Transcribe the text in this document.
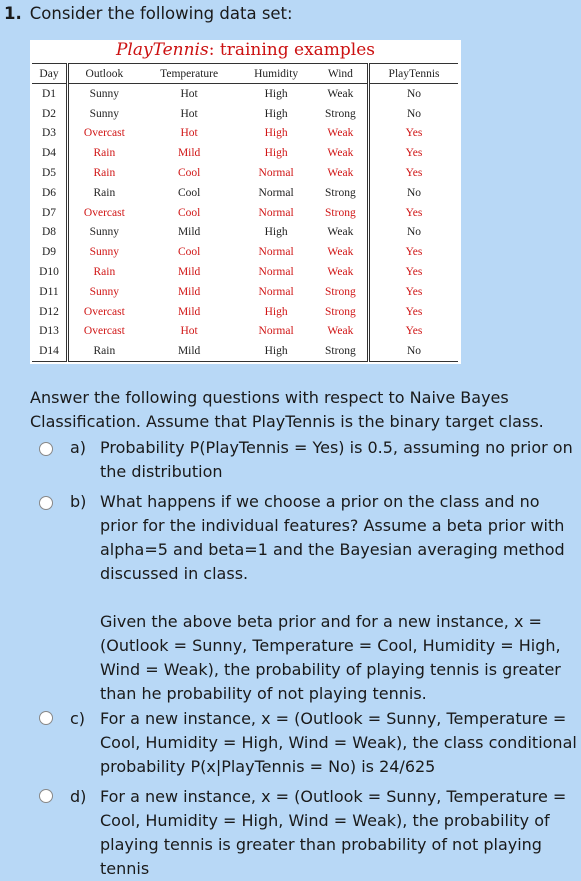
1. Consider the following data set:
PlayTennis: training examples
Day	Outlook	Temperature	Humidity	Wind	PlayTennis
D1	Sunny	Hot	High	Weak	No
D2	Sunny	Hot	High	Strong	No
D3	Overcast	Hot	High	Weak	Yes
D4	Rain	Mild	High	Weak	Yes
D5	Rain	Cool	Normal	Weak	Yes
D6	Rain	Cool	Normal	Strong	No
D7	Overcast	Cool	Normal	Strong	Yes
D8	Sunny	Mild	High	Weak	No
D9	Sunny	Cool	Normal	Weak	Yes
D10	Rain	Mild	Normal	Weak	Yes
D11	Sunny	Mild	Normal	Strong	Yes
D12	Overcast	Mild	High	Strong	Yes
D13	Overcast	Hot	Normal	Weak	Yes
D14	Rain	Mild	High	Strong	No
Answer the following questions with respect to Naive Bayes Classification. Assume that PlayTennis is the binary target class.
a) Probability P(PlayTennis = Yes) is 0.5, assuming no prior on the distribution

b) What happens if we choose a prior on the class and no prior for the individual features? Assume a beta prior with alpha=5 and beta=1 and the Bayesian averaging method discussed in class.

Given the above beta prior and for a new instance, x = (Outlook = Sunny, Temperature = Cool, Humidity = High, Wind = Weak), the probability of playing tennis is greater than he probability of not playing tennis.

c) For a new instance, x = (Outlook = Sunny, Temperature = Cool, Humidity = High, Wind = Weak), the class conditional probability P(x|PlayTennis = No) is 24/625

d) For a new instance, x = (Outlook = Sunny, Temperature = Cool, Humidity = High, Wind = Weak), the probability of playing tennis is greater than probability of not playing tennis
